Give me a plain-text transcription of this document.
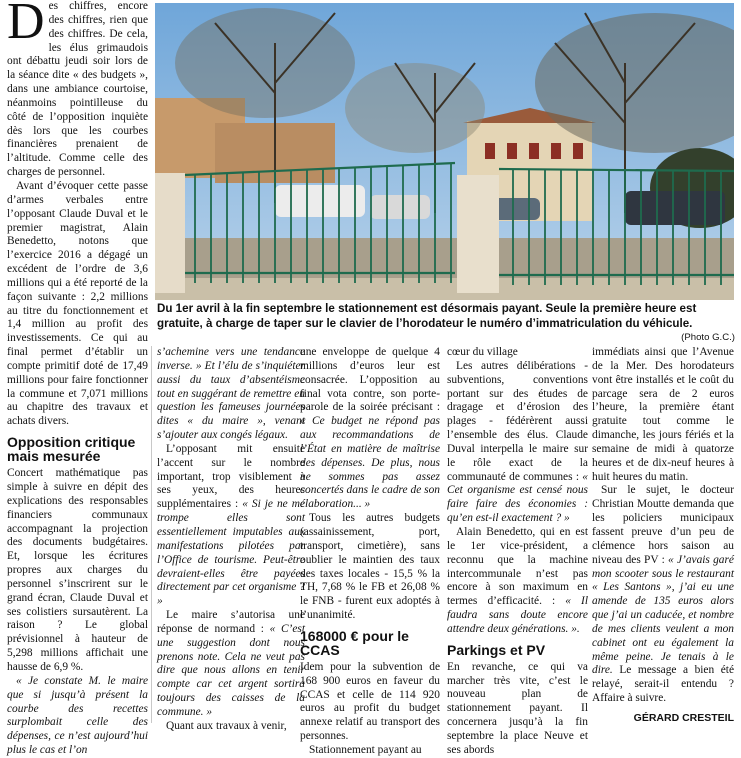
D es chiffres, encore des chiffres, rien que des chiffres. De cela, les élus grimaudois ont débattu jeudi soir lors de la séance dite « des budgets », dans une ambiance courtoise, néanmoins pointilleuse du côté de l’opposition inquiète dès lors que les courbes financières prenaient de l’altitude. Comme celle des charges de personnel.

Avant d’évoquer cette passe d’armes verbales entre l’opposant Claude Duval et le premier magistrat, Alain Benedetto, notons que l’exercice 2016 a dégagé un excédent de l’ordre de 3,6 millions qui a été reporté de la façon suivante : 2,2 millions au titre du fonctionnement et 1,4 million au profit des investissements. Ce qui au final permet d’établir un compte primitif doté de 17,49 millions pour faire fonctionner la commune et 7,071 millions au chapitre des travaux et achats divers.

Opposition critique mais mesurée

Concert mathématique pas simple à suivre en dépit des explications des responsables financiers communaux accompagnant la projection des documents budgétaires. Et, lorsque les écritures propres aux charges du personnel s’inscrirent sur le grand écran, Claude Duval et ses colistiers sursautèrent. La raison ? Le global prévisionnel à hauteur de 5,298 millions affichait une hausse de 6,9 %.

« Je constate M. le maire que si jusqu’à présent la courbe des recettes surplombait celle des dépenses, ce n’est aujourd’hui plus le cas et l’on

Du 1er avril à la fin septembre le stationnement est désormais payant. Seule la première heure est gratuite, à charge de taper sur le clavier de l’horodateur le numéro d’immatriculation du véhicule.
(Photo G.C.)

s’achemine vers une tendance inverse. » Et l’élu de s’inquiéter aussi du taux d’absentéisme tout en suggérant de remettre en question les fameuses journées dites « du maire », venant s’ajouter aux congés légaux.

L’opposant mit ensuite l’accent sur le nombre important, trop visiblement à ses yeux, des heures supplémentaires : « Si je ne me trompe elles sont essentiellement imputables aux manifestations pilotées par l’Office de tourisme. Peut-être devraient-elles être payées directement par cet organisme ? »

Le maire s’autorisa une réponse de normand : « C’est une suggestion dont nous prenons note. Cela ne veut pas dire que nous allons en tenir compte car cet argent sortira toujours des caisses de la commune. »

Quant aux travaux à venir,

une enveloppe de quelque 4 millions d’euros leur est consacrée. L’opposition au final vota contre, son porte-parole de la soirée précisant : « Ce budget ne répond pas aux recommandations de l’État en matière de maîtrise des dépenses. De plus, nous ne sommes pas assez concertés dans le cadre de son élaboration... »

Tous les autres budgets (assainissement, port, transport, cimetière), sans oublier le maintien des taux des taxes locales - 15,5 % la TH, 7,68 % le FB et 26,08 % le FNB - furent eux adoptés à l’unanimité.

168000 € pour le CCAS

Idem pour la subvention de 168 900 euros en faveur du CCAS et celle de 114 920 euros au profit du budget annexe relatif au transport des personnes.

Stationnement payant au

cœur du village

Les autres délibérations - subventions, conventions portant sur des études de dragage et d’érosion des plages - fédérèrent aussi l’ensemble des élus. Claude Duval interpella le maire sur le rôle exact de la communauté de communes : « Cet organisme est censé nous faire faire des économies : qu’en est-il exactement ? »

Alain Benedetto, qui en est le 1er vice-président, a reconnu que la machine intercommunale n’est pas encore à son maximum en termes d’efficacité. : « Il faudra sans doute encore attendre deux générations. ».

Parkings et PV

En revanche, ce qui va marcher très vite, c’est le nouveau plan de stationnement payant. Il concernera jusqu’à la fin septembre la place Neuve et ses abords

immédiats ainsi que l’Avenue de la Mer. Des horodateurs vont être installés et le coût du parcage sera de 2 euros l’heure, la première étant gratuite tout comme le dimanche, les jours fériés et la semaine de midi à quatorze heures et de dix-neuf heures à huit heures du matin.

Sur le sujet, le docteur Christian Moutte demanda que les policiers municipaux fassent preuve d’un peu de clémence hors saison au niveau des PV : « J’avais garé mon scooter sous le restaurant « Les Santons », j’ai eu une amende de 135 euros alors que j’ai un caducée, et nombre de mes clients veulent a mon cabinet ont eu également la même peine. Je tenais à le dire. Le message a bien été relayé, serait-il entendu ? Affaire à suivre.

GÉRARD CRESTEIL
